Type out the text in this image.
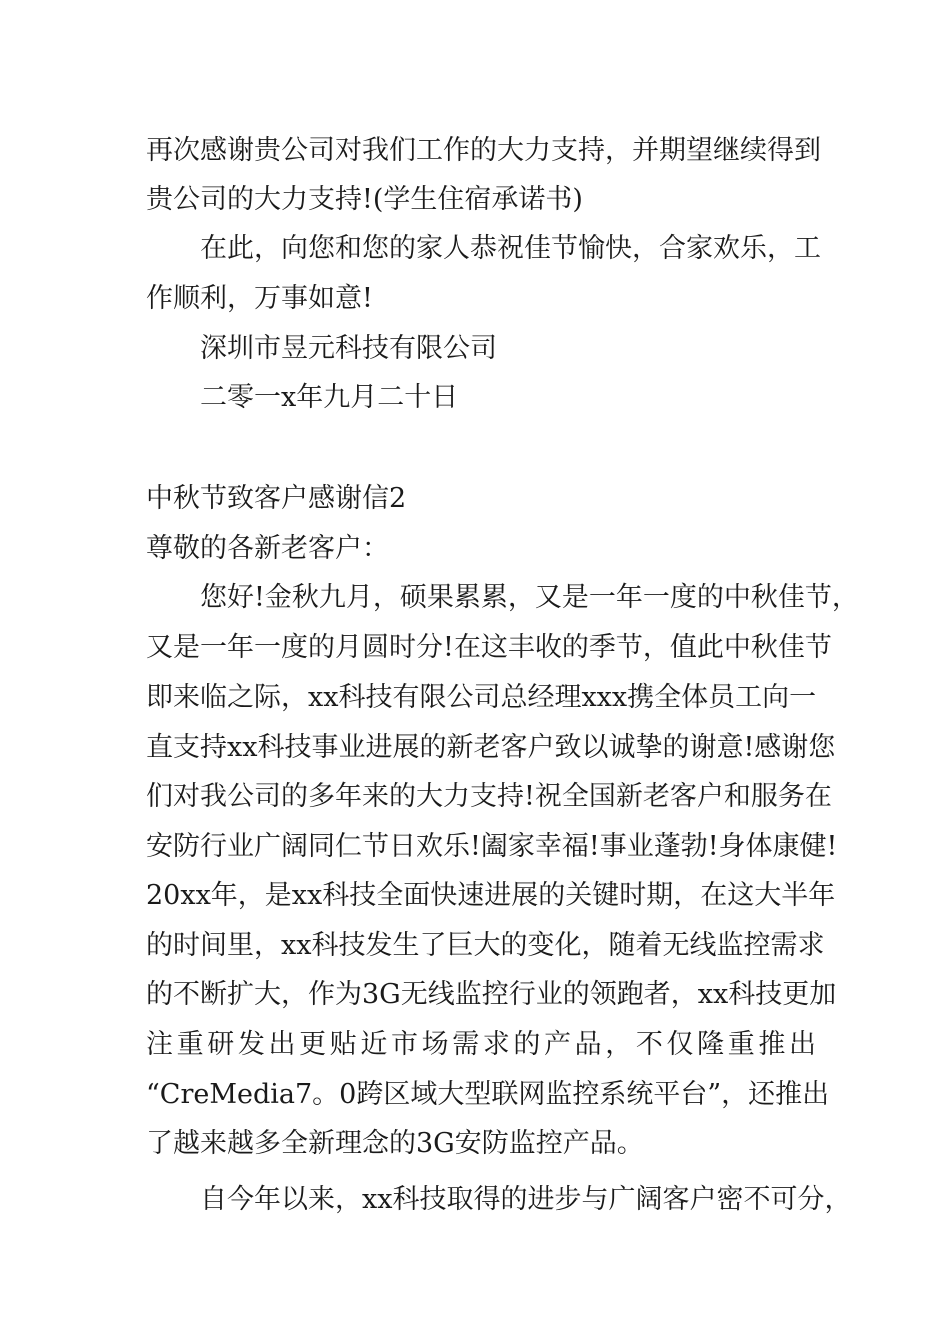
再次感谢贵公司对我们工作的大力支持，并期望继续得到
贵公司的大力支持!(学生住宿承诺书)
在此，向您和您的家人恭祝佳节愉快，合家欢乐，工
作顺利，万事如意!
深圳市昱元科技有限公司
二零一x年九月二十日
中秋节致客户感谢信2
尊敬的各新老客户：
您好!金秋九月，硕果累累，又是一年一度的中秋佳节，
又是一年一度的月圆时分!在这丰收的季节，值此中秋佳节
即来临之际，xx科技有限公司总经理xxx携全体员工向一
直支持xx科技事业进展的新老客户致以诚挚的谢意!感谢您
们对我公司的多年来的大力支持!祝全国新老客户和服务在
安防行业广阔同仁节日欢乐!阖家幸福!事业蓬勃!身体康健!
20xx年，是xx科技全面快速进展的关键时期，在这大半年
的时间里，xx科技发生了巨大的变化，随着无线监控需求
的不断扩大，作为3G无线监控行业的领跑者，xx科技更加
注重研发出更贴近市场需求的产品，不仅隆重推出
“CreMedia7。0跨区域大型联网监控系统平台”，还推出
了越来越多全新理念的3G安防监控产品。
自今年以来，xx科技取得的进步与广阔客户密不可分，
